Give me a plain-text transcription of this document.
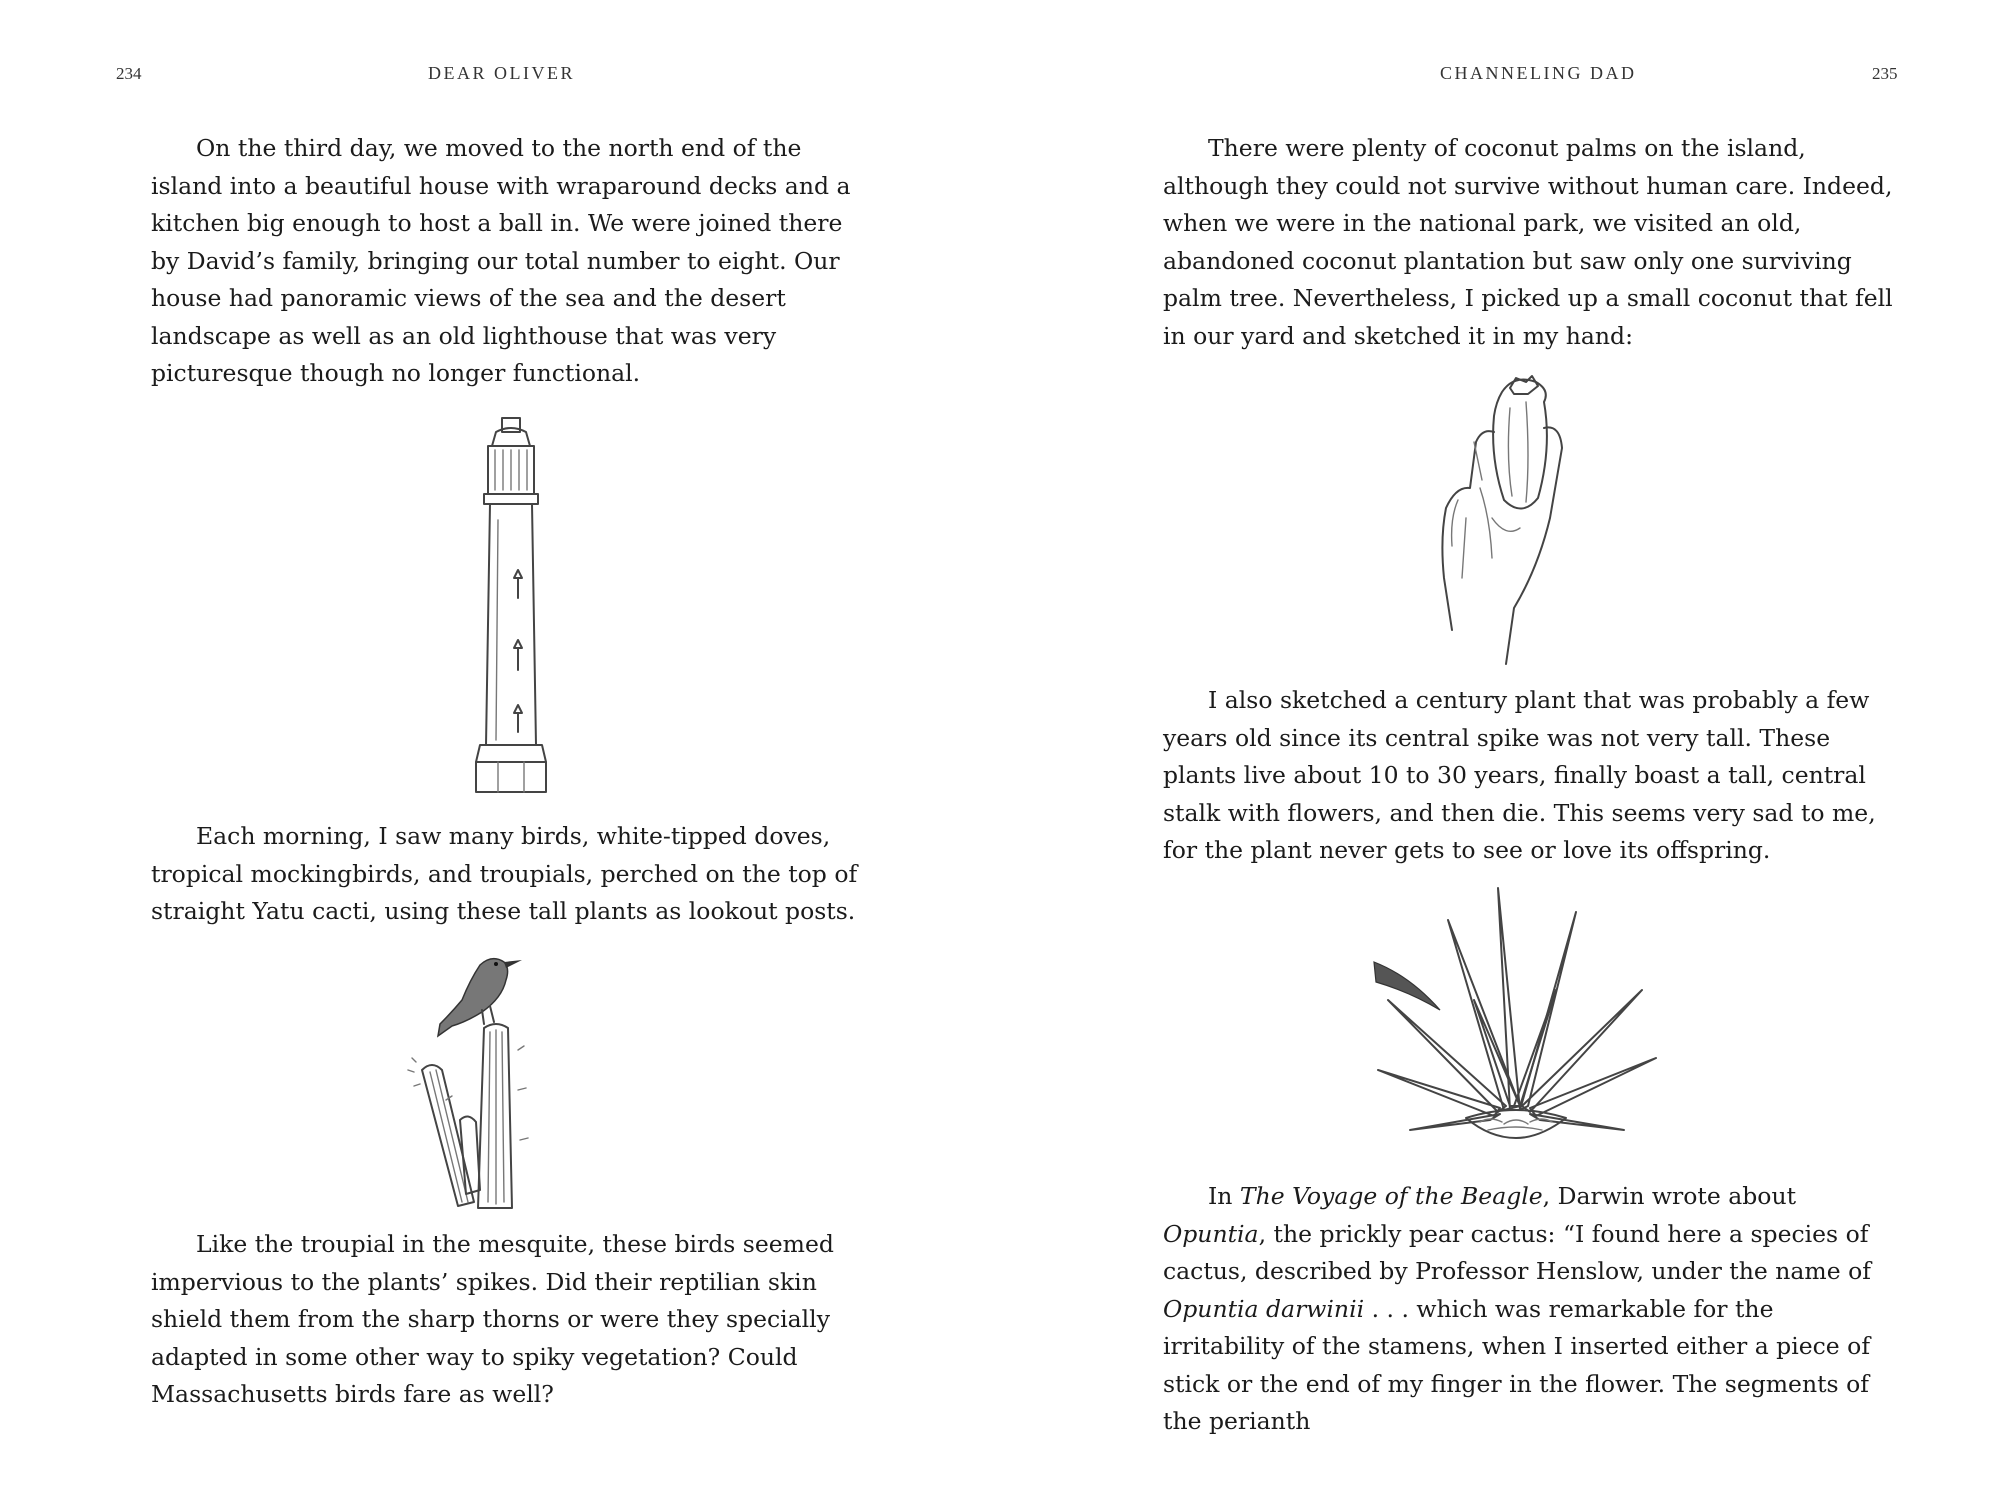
234	DEAR OLIVER

On the third day, we moved to the north end of the island into a beautiful house with wraparound decks and a kitchen big enough to host a ball in. We were joined there by David’s family, bringing our total number to eight. Our house had panoramic views of the sea and the desert landscape as well as an old lighthouse that was very picturesque though no longer functional.

Each morning, I saw many birds, white-tipped doves, tropical mockingbirds, and troupials, perched on the top of straight Yatu cacti, using these tall plants as lookout posts.

Like the troupial in the mesquite, these birds seemed impervious to the plants’ spikes. Did their reptilian skin shield them from the sharp thorns or were they specially adapted in some other way to spiky vegetation? Could Massachusetts birds fare as well?

CHANNELING DAD	235

There were plenty of coconut palms on the island, although they could not survive without human care. Indeed, when we were in the national park, we visited an old, abandoned coconut plantation but saw only one surviving palm tree. Nevertheless, I picked up a small coconut that fell in our yard and sketched it in my hand:

I also sketched a century plant that was probably a few years old since its central spike was not very tall. These plants live about 10 to 30 years, finally boast a tall, central stalk with flowers, and then die. This seems very sad to me, for the plant never gets to see or love its offspring.

In The Voyage of the Beagle, Darwin wrote about Opuntia, the prickly pear cactus: “I found here a species of cactus, described by Professor Henslow, under the name of Opuntia darwinii . . . which was remarkable for the irritability of the stamens, when I inserted either a piece of stick or the end of my finger in the flower. The segments of the perianth
